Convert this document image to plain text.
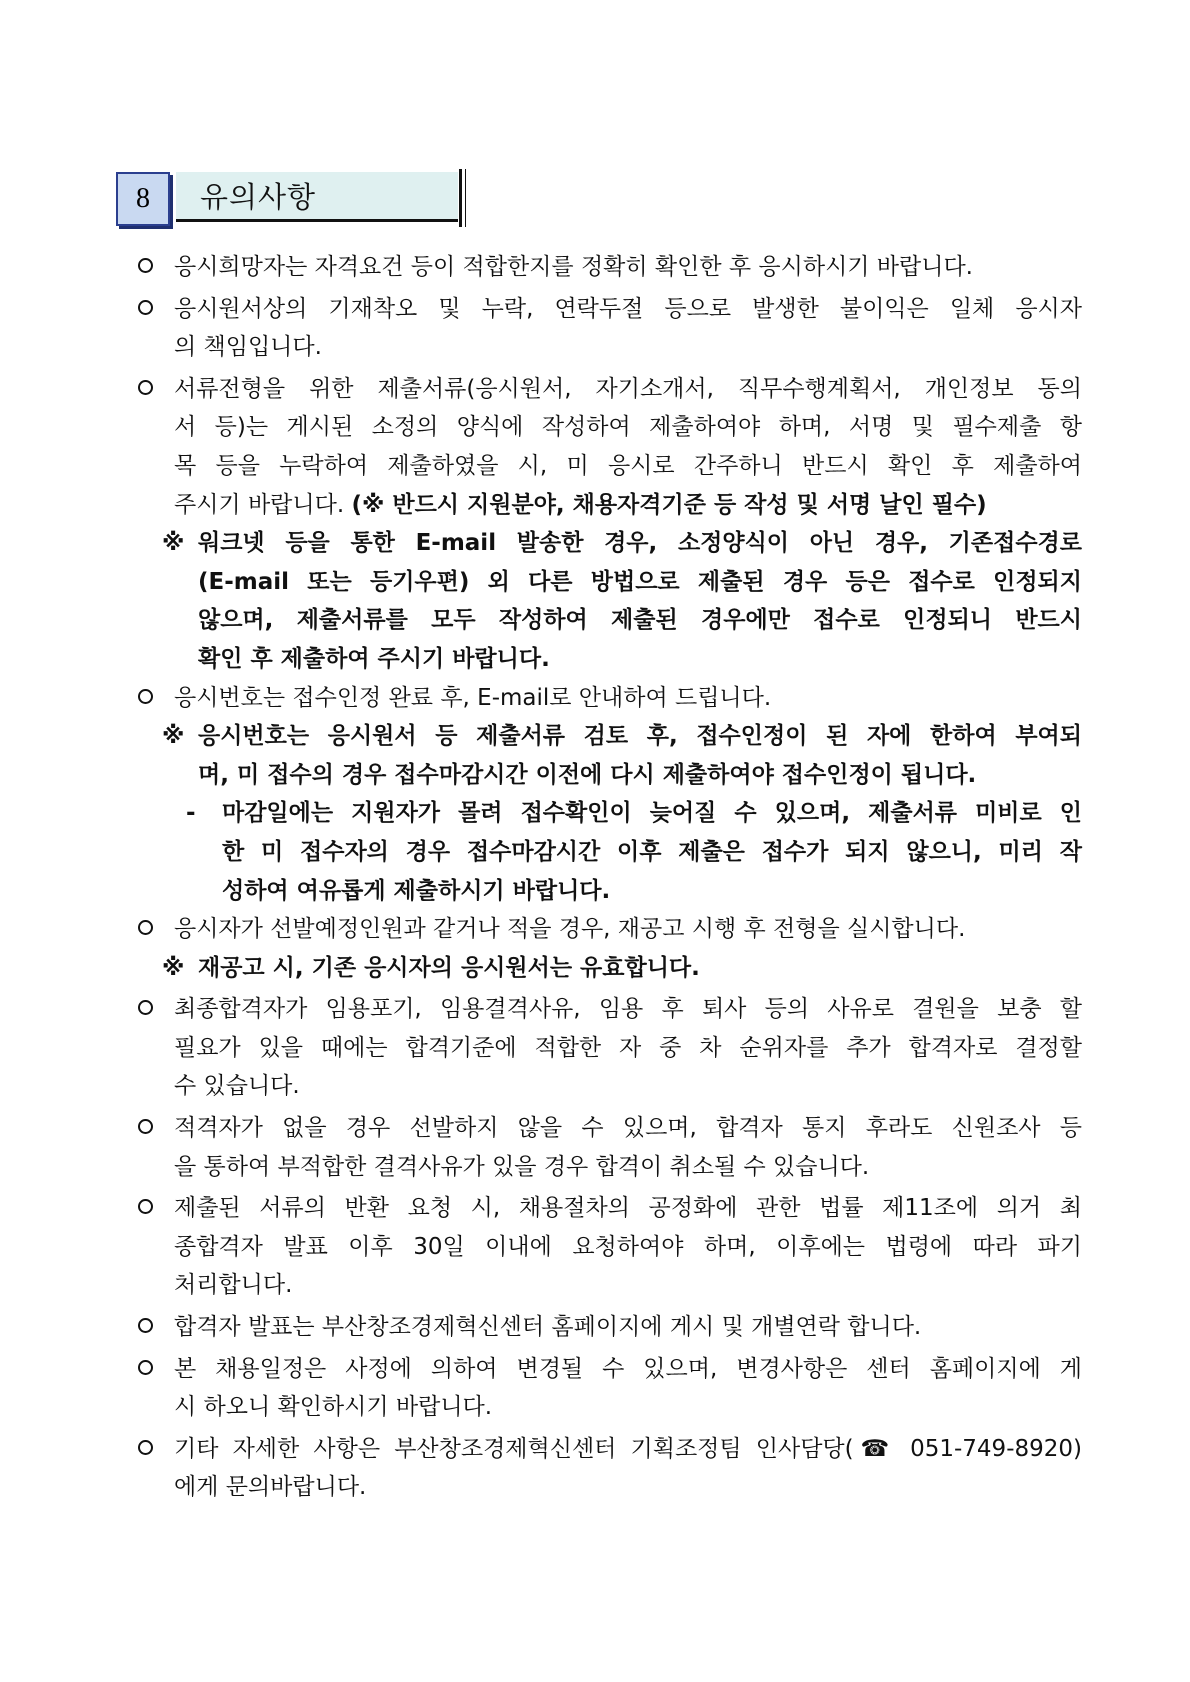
8	유의사항
응시희망자는 자격요건 등이 적합한지를 정확히 확인한 후 응시하시기 바랍니다.
응시원서상의 기재착오 및 누락, 연락두절 등으로 발생한 불이익은 일체 응시자
의 책임입니다.
서류전형을 위한 제출서류(응시원서, 자기소개서, 직무수행계획서, 개인정보 동의
서 등)는 게시된 소정의 양식에 작성하여 제출하여야 하며, 서명 및 필수제출 항
목 등을 누락하여 제출하였을 시, 미 응시로 간주하니 반드시 확인 후 제출하여
주시기 바랍니다. (※ 반드시 지원분야, 채용자격기준 등 작성 및 서명 날인 필수)
※ 워크넷 등을 통한 E-mail 발송한 경우, 소정양식이 아닌 경우, 기존접수경로
(E-mail 또는 등기우편) 외 다른 방법으로 제출된 경우 등은 접수로 인정되지
않으며, 제출서류를 모두 작성하여 제출된 경우에만 접수로 인정되니 반드시
확인 후 제출하여 주시기 바랍니다.
응시번호는 접수인정 완료 후, E-mail로 안내하여 드립니다.
※ 응시번호는 응시원서 등 제출서류 검토 후, 접수인정이 된 자에 한하여 부여되
며, 미 접수의 경우 접수마감시간 이전에 다시 제출하여야 접수인정이 됩니다.
- 마감일에는 지원자가 몰려 접수확인이 늦어질 수 있으며, 제출서류 미비로 인
한 미 접수자의 경우 접수마감시간 이후 제출은 접수가 되지 않으니, 미리 작
성하여 여유롭게 제출하시기 바랍니다.
응시자가 선발예정인원과 같거나 적을 경우, 재공고 시행 후 전형을 실시합니다.
※ 재공고 시, 기존 응시자의 응시원서는 유효합니다.
최종합격자가 임용포기, 임용결격사유, 임용 후 퇴사 등의 사유로 결원을 보충 할
필요가 있을 때에는 합격기준에 적합한 자 중 차 순위자를 추가 합격자로 결정할
수 있습니다.
적격자가 없을 경우 선발하지 않을 수 있으며, 합격자 통지 후라도 신원조사 등
을 통하여 부적합한 결격사유가 있을 경우 합격이 취소될 수 있습니다.
제출된 서류의 반환 요청 시, 채용절차의 공정화에 관한 법률 제11조에 의거 최
종합격자 발표 이후 30일 이내에 요청하여야 하며, 이후에는 법령에 따라 파기
처리합니다.
합격자 발표는 부산창조경제혁신센터 홈페이지에 게시 및 개별연락 합니다.
본 채용일정은 사정에 의하여 변경될 수 있으며, 변경사항은 센터 홈페이지에 게
시 하오니 확인하시기 바랍니다.
기타 자세한 사항은 부산창조경제혁신센터 기획조정팀 인사담당(☎ 051-749-8920)
에게 문의바랍니다.
